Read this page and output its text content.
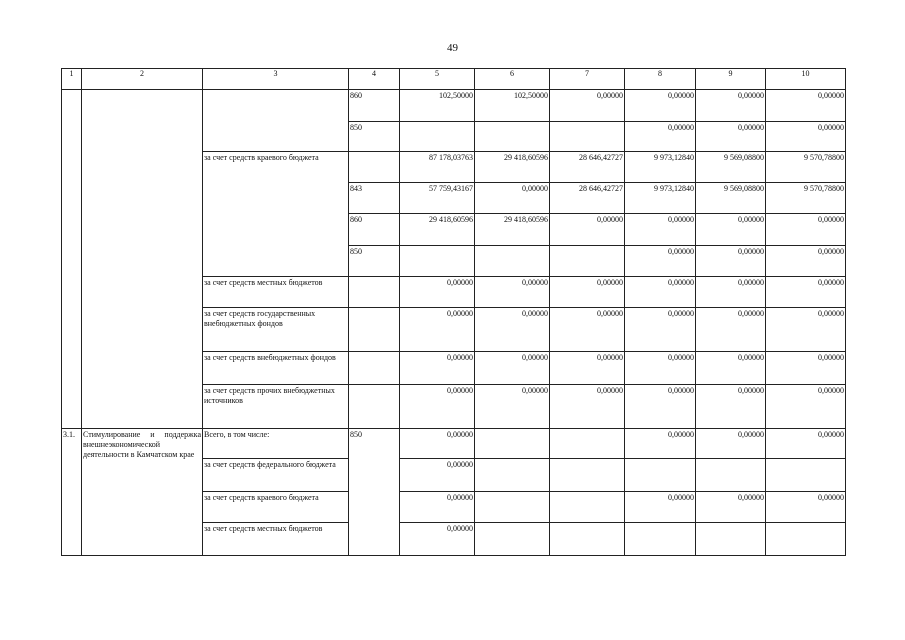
49
1	2	3	4	5	6	7	8	9	10
			860	102,50000	102,50000	0,00000	0,00000	0,00000	0,00000
			850				0,00000	0,00000	0,00000
		за счет средств краевого бюджета		87 178,03763	29 418,60596	28 646,42727	9 973,12840	9 569,08800	9 570,78800
			843	57 759,43167	0,00000	28 646,42727	9 973,12840	9 569,08800	9 570,78800
			860	29 418,60596	29 418,60596	0,00000	0,00000	0,00000	0,00000
			850				0,00000	0,00000	0,00000
		за счет средств местных бюджетов		0,00000	0,00000	0,00000	0,00000	0,00000	0,00000
		за счет средств государственных внебюджетных фондов		0,00000	0,00000	0,00000	0,00000	0,00000	0,00000
		за счет средств внебюджетных фондов		0,00000	0,00000	0,00000	0,00000	0,00000	0,00000
		за счет средств прочих внебюджетных источников		0,00000	0,00000	0,00000	0,00000	0,00000	0,00000
3.1.	Стимулирование и поддержка внешнеэкономической деятельности в Камчатском крае	Всего, в том числе:	850	0,00000			0,00000	0,00000	0,00000
		за счет средств федерального бюджета		0,00000					
		за счет средств краевого бюджета		0,00000			0,00000	0,00000	0,00000
		за счет средств местных бюджетов		0,00000					
